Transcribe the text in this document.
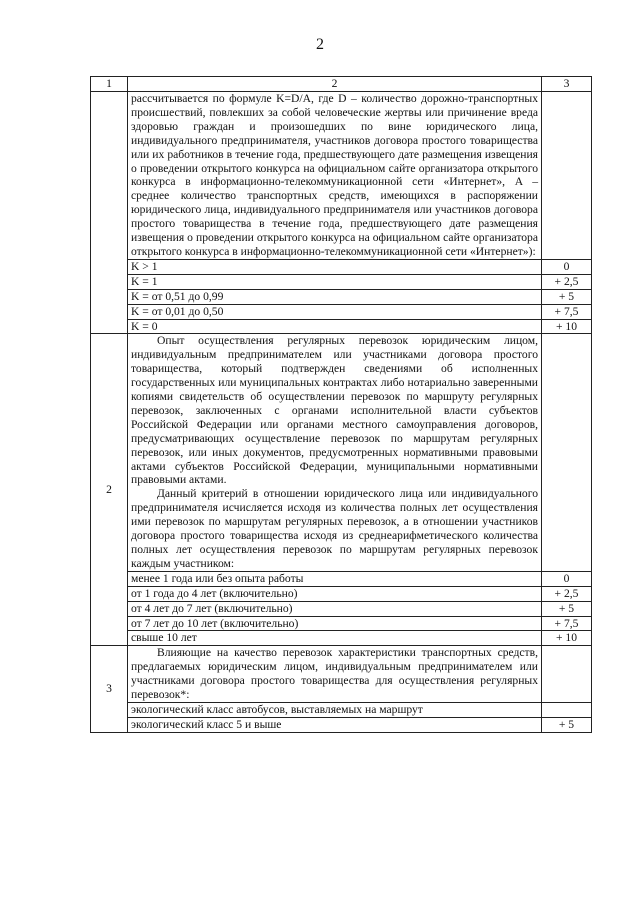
2
1	2	3
	рассчитывается по формуле K=D/A, где D – количество дорожно-транспортных происшествий, повлекших за собой человеческие жертвы или причинение вреда здоровью граждан и произошедших по вине юридического лица, индивидуального предпринимателя, участников договора простого товарищества или их работников в течение года, предшествующего дате размещения извещения о проведении открытого конкурса на официальном сайте организатора открытого конкурса в информационно-телекоммуникационной сети «Интернет», A – среднее количество транспортных средств, имеющихся в распоряжении юридического лица, индивидуального предпринимателя или участников договора простого товарищества в течение года, предшествующего дате размещения извещения о проведении открытого конкурса на официальном сайте организатора открытого конкурса в информационно-телекоммуникационной сети «Интернет»):	
	K > 1	0
	K = 1	+ 2,5
	K = от 0,51 до 0,99	+ 5
	K = от 0,01 до 0,50	+ 7,5
	K = 0	+ 10
2	Опыт осуществления регулярных перевозок юридическим лицом, индивидуальным предпринимателем или участниками договора простого товарищества, который подтвержден сведениями об исполненных государственных или муниципальных контрактах либо нотариально заверенными копиями свидетельств об осуществлении перевозок по маршруту регулярных перевозок, заключенных с органами исполнительной власти субъектов Российской Федерации или органами местного самоуправления договоров, предусматривающих осуществление перевозок по маршрутам регулярных перевозок, или иных документов, предусмотренных нормативными правовыми актами субъектов Российской Федерации, муниципальными нормативными правовыми актами.

Данный критерий в отношении юридического лица или индивидуального предпринимателя исчисляется исходя из количества полных лет осуществления ими перевозок по маршрутам регулярных перевозок, а в отношении участников договора простого товарищества исходя из среднеарифметического количества полных лет осуществления перевозок по маршрутам регулярных перевозок каждым участником:	

	менее 1 года или без опыта работы	0
	от 1 года до 4 лет (включительно)	+ 2,5
	от 4 лет до 7 лет (включительно)	+ 5
	от 7 лет до 10 лет (включительно)	+ 7,5
	свыше 10 лет	+ 10
3	Влияющие на качество перевозок характеристики транспортных средств, предлагаемых юридическим лицом, индивидуальным предпринимателем или участниками договора простого товарищества для осуществления регулярных перевозок*:	

	экологический класс автобусов, выставляемых на маршрут	
	экологический класс 5 и выше	+ 5
